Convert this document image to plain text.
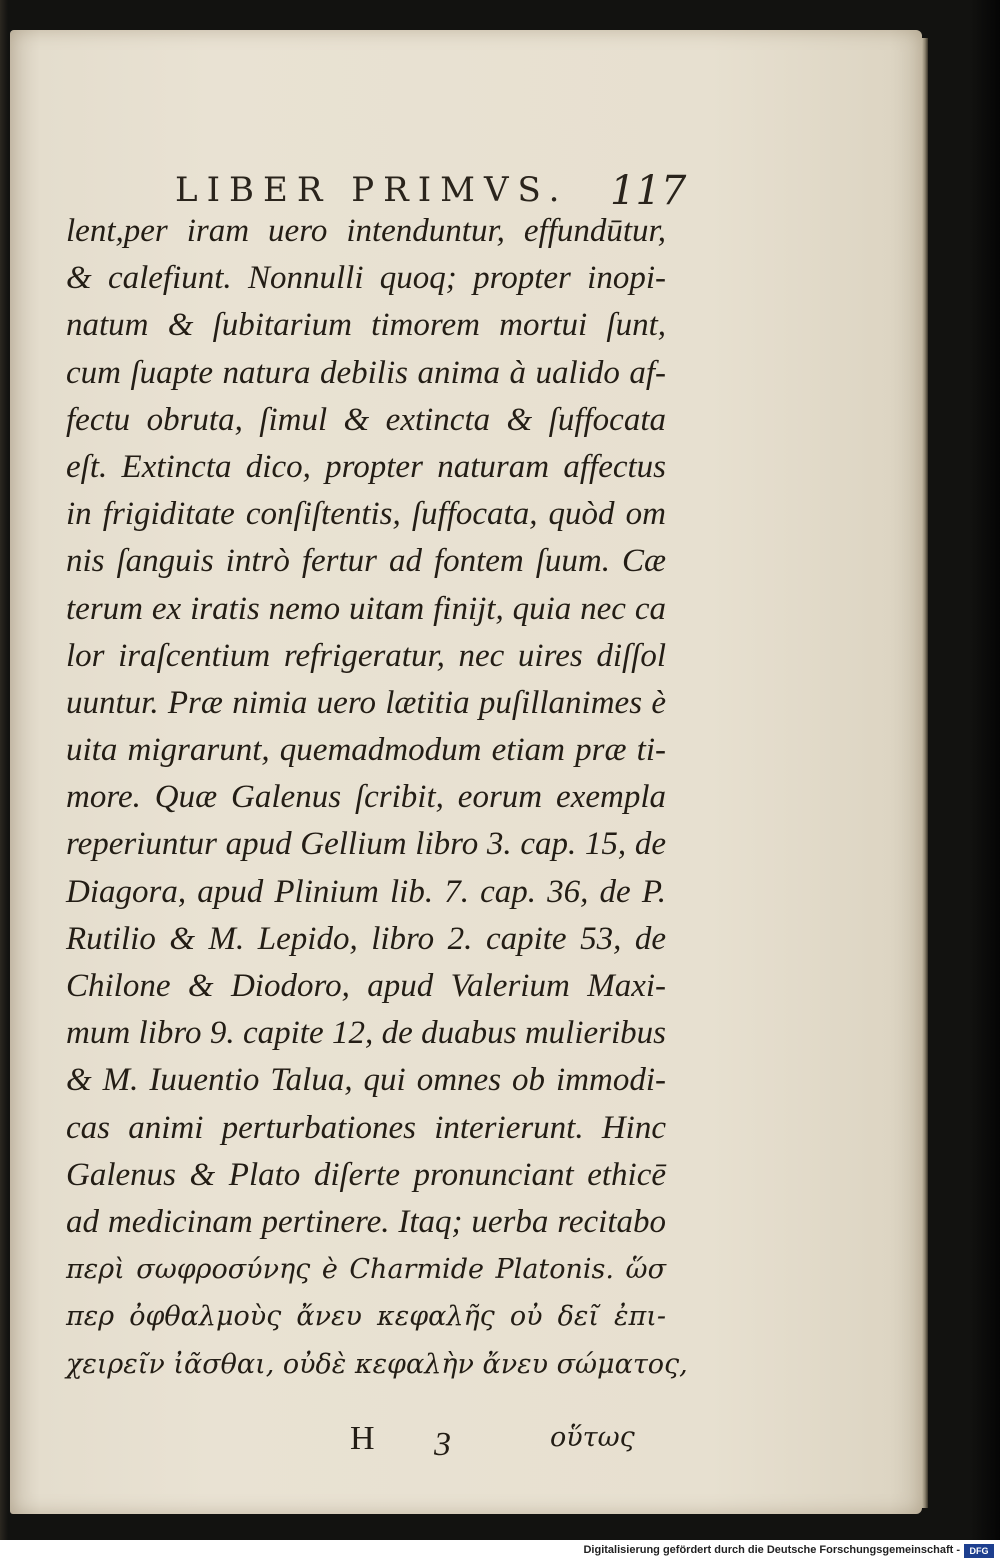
LIBER PRIMVS. 117
lent,per iram uero intenduntur, effundūtur,
& calefiunt. Nonnulli quoq; propter inopi-
natum & ſubitarium timorem mortui ſunt,
cum ſuapte natura debilis anima à ualido af-
fectu obruta, ſimul & extincta & ſuffocata
eſt. Extincta dico, propter naturam affectus
in frigiditate conſiſtentis, ſuffocata, quòd om
nis ſanguis intrò fertur ad fontem ſuum. Cæ
terum ex iratis nemo uitam finijt, quia nec ca
lor iraſcentium refrigeratur, nec uires diſſol
uuntur. Præ nimia uero lætitia puſillanimes è
uita migrarunt, quemadmodum etiam præ ti-
more. Quæ Galenus ſcribit, eorum exempla
reperiuntur apud Gellium libro 3. cap. 15, de
Diagora, apud Plinium lib. 7. cap. 36, de P.
Rutilio & M. Lepido, libro 2. capite 53, de
Chilone & Diodoro, apud Valerium Maxi-
mum libro 9. capite 12, de duabus mulieribus
& M. Iuuentio Talua, qui omnes ob immodi-
cas animi perturbationes interierunt. Hinc
Galenus & Plato diſerte pronunciant ethicē
ad medicinam pertinere. Itaq; uerba recitabo
περὶ σωφροσύνης è Charmide Platonis. ὥσ
περ ὀφθαλμοὺς ἄνευ κεφαλῆς οὐ δεῖ ἐπι-
χειρεῖν ἰᾶσθαι, οὐδὲ κεφαλὴν ἄνευ σώματος,
H 3	οὕτως
Digitalisierung gefördert durch die Deutsche Forschungsgemeinschaft -	DFG
